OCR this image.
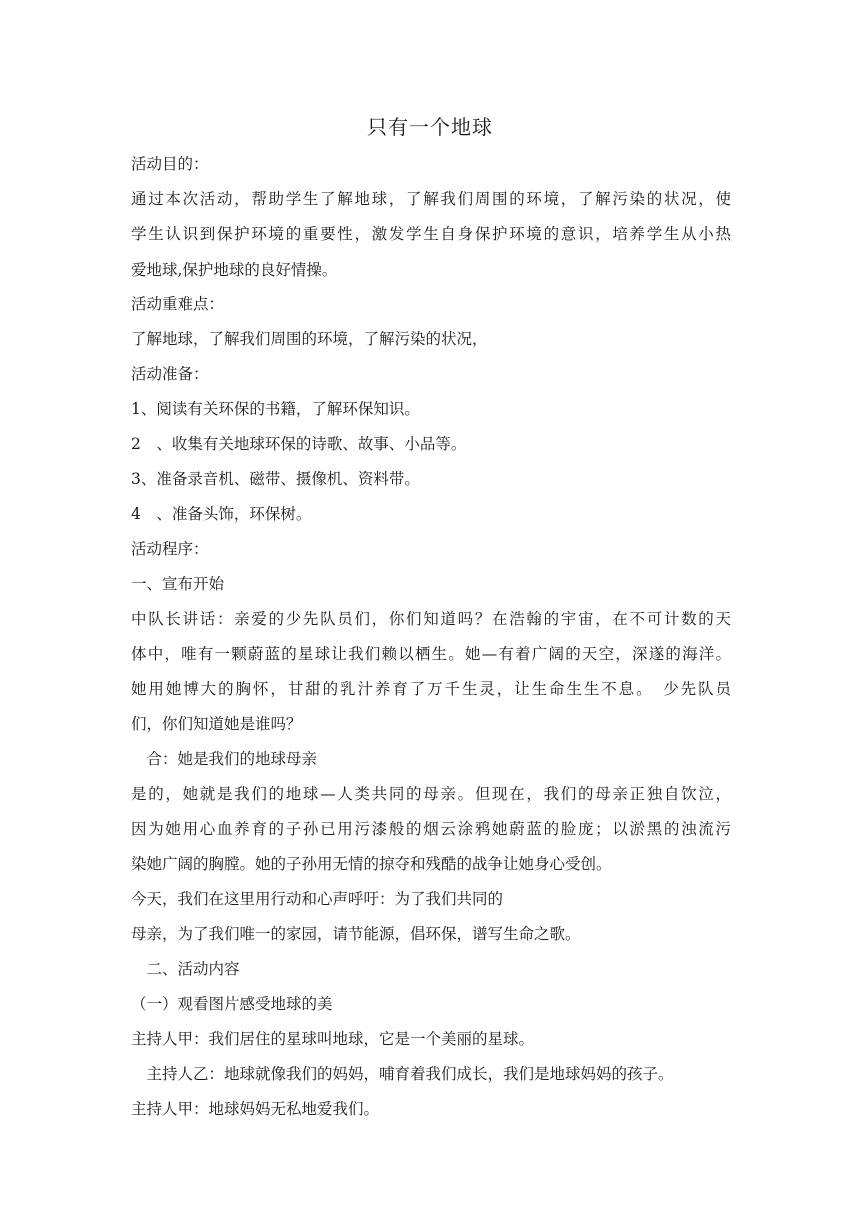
只有一个地球
活动目的：
通过本次活动，帮助学生了解地球，了解我们周围的环境，了解污染的状况，使
学生认识到保护环境的重要性，激发学生自身保护环境的意识，培养学生从小热
爱地球,保护地球的良好情操。
活动重难点：
了解地球，了解我们周围的环境，了解污染的状况，
活动准备：
1、阅读有关环保的书籍，了解环保知识。
2　、收集有关地球环保的诗歌、故事、小品等。
3、准备录音机、磁带、摄像机、资料带。
4　、准备头饰，环保树。
活动程序：
一、宣布开始
中队长讲话：亲爱的少先队员们，你们知道吗？在浩翰的宇宙，在不可计数的天
体中，唯有一颗蔚蓝的星球让我们赖以栖生。她—有着广阔的天空，深遂的海洋。
她用她博大的胸怀，甘甜的乳汁养育了万千生灵，让生命生生不息。　少先队员
们，你们知道她是谁吗？
　合：她是我们的地球母亲
是的，她就是我们的地球—人类共同的母亲。但现在，我们的母亲正独自饮泣，
因为她用心血养育的子孙已用污漆般的烟云涂鸦她蔚蓝的脸庞；以淤黑的浊流污
染她广阔的胸膛。她的子孙用无情的掠夺和残酷的战争让她身心受创。
今天，我们在这里用行动和心声呼吁：为了我们共同的
母亲，为了我们唯一的家园，请节能源，倡环保，谱写生命之歌。
　二、活动内容
（一）观看图片感受地球的美
主持人甲：我们居住的星球叫地球，它是一个美丽的星球。
　主持人乙：地球就像我们的妈妈，哺育着我们成长，我们是地球妈妈的孩子。
主持人甲：地球妈妈无私地爱我们。
